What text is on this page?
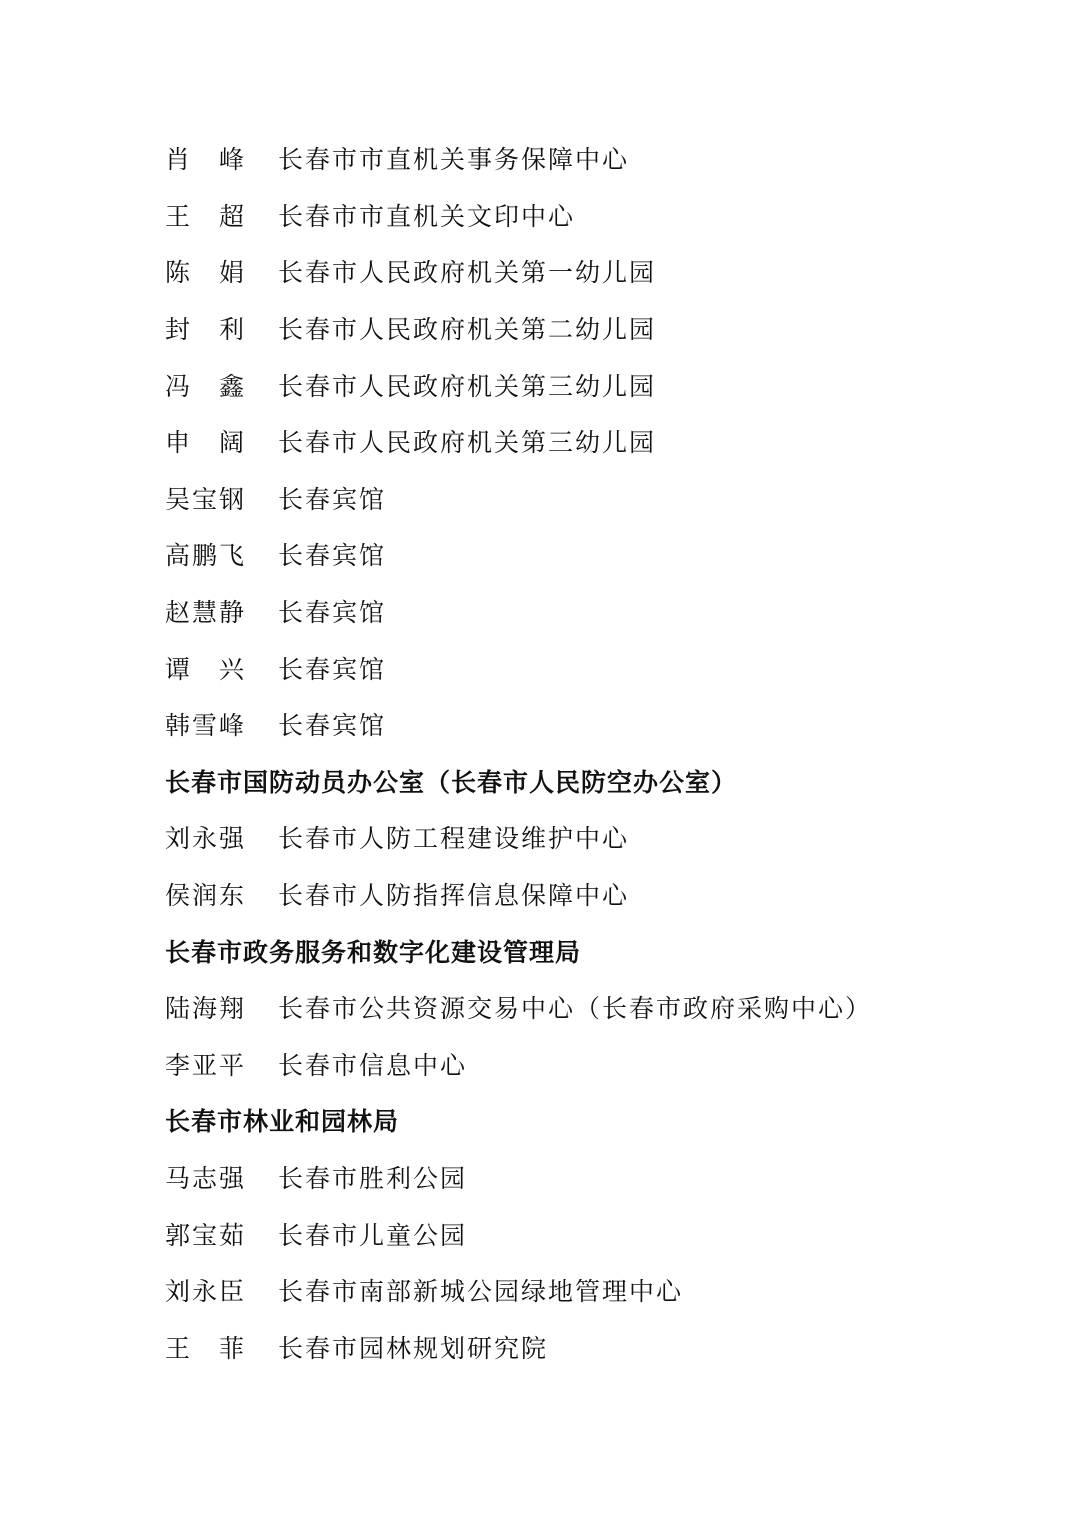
肖　峰	长春市市直机关事务保障中心
王　超	长春市市直机关文印中心
陈　娟	长春市人民政府机关第一幼儿园
封　利	长春市人民政府机关第二幼儿园
冯　鑫	长春市人民政府机关第三幼儿园
申　阔	长春市人民政府机关第三幼儿园
吴宝钢	长春宾馆
高鹏飞	长春宾馆
赵慧静	长春宾馆
谭　兴	长春宾馆
韩雪峰	长春宾馆
长春市国防动员办公室（长春市人民防空办公室）
刘永强	长春市人防工程建设维护中心
侯润东	长春市人防指挥信息保障中心
长春市政务服务和数字化建设管理局
陆海翔	长春市公共资源交易中心（长春市政府采购中心）
李亚平	长春市信息中心
长春市林业和园林局
马志强	长春市胜利公园
郭宝茹	长春市儿童公园
刘永臣	长春市南部新城公园绿地管理中心
王　菲	长春市园林规划研究院
